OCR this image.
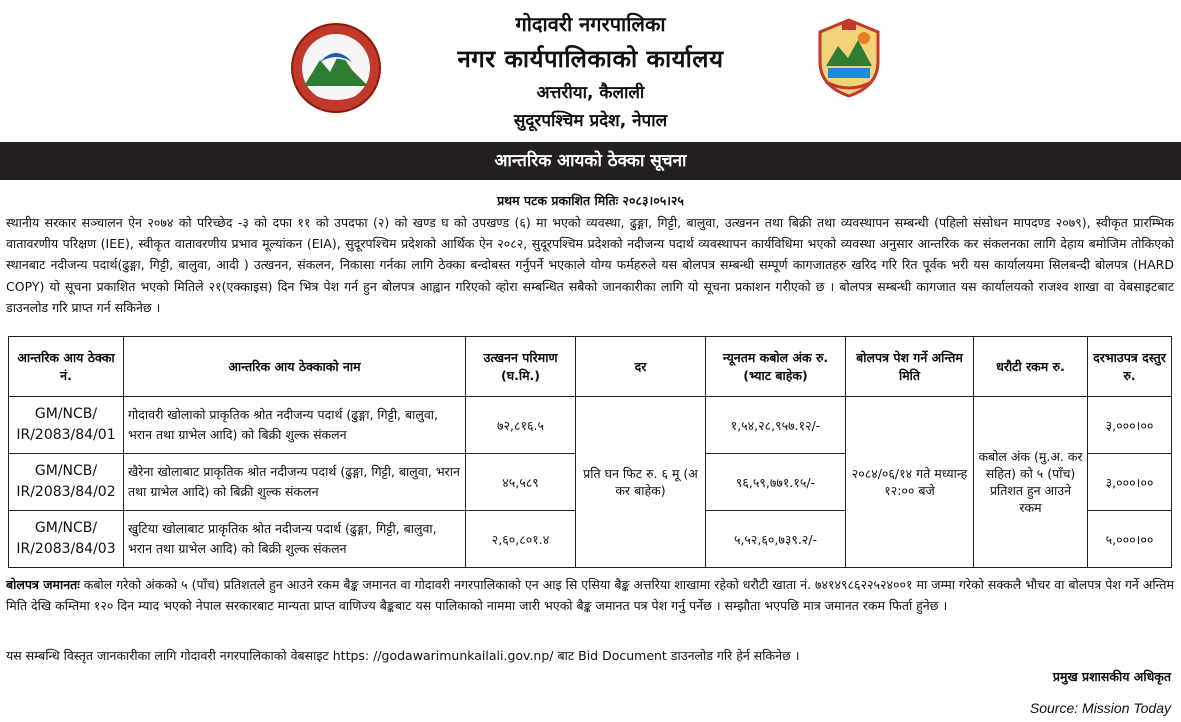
गोदावरी नगरपालिका
नगर कार्यपालिकाको कार्यालय
अत्तरीया, कैलाली
सुदूरपश्चिम प्रदेश, नेपाल
आन्तरिक आयको ठेक्का सूचना
प्रथम पटक प्रकाशित मितिः २०८३।०५।२५
स्थानीय सरकार सञ्चालन ऐन २०७४ को परिच्छेद -३ को दफा ११ को उपदफा (२) को खण्ड घ को उपखण्ड (६) मा भएको व्यवस्था, ढुङ्गा, गिट्टी, बालुवा, उत्खनन तथा बिक्री तथा व्यवस्थापन सम्बन्धी (पहिलो संसोधन मापदण्ड २०७९), स्वीकृत प्रारम्भिक वातावरणीय परिक्षण (IEE), स्वीकृत वातावरणीय प्रभाव मूल्यांकन (EIA), सुदूरपश्चिम प्रदेशको आर्थिक ऐन २०८२, सुदूरपश्चिम प्रदेशको नदीजन्य पदार्थ व्यवस्थापन कार्यविधिमा भएको व्यवस्था अनुसार आन्तरिक कर संकलनका लागि देहाय बमोजिम तोकिएको स्थानबाट नदीजन्य पदार्थ(ढुङ्गा, गिट्टी, बालुवा, आदी ) उत्खनन, संकलन, निकासा गर्नका लागि ठेक्का बन्दोबस्त गर्नुपर्ने भएकाले योग्य फर्महरुले यस बोलपत्र सम्बन्धी सम्पूर्ण कागजातहरु खरिद गरि रित पूर्वक भरी यस कार्यालयमा सिलबन्दी बोलपत्र (HARD COPY) यो सूचना प्रकाशित भएको मितिले २१(एक्काइस) दिन भित्र पेश गर्न हुन बोलपत्र आह्वान गरिएको व्होरा सम्बन्धित सबैको जानकारीका लागि यो सूचना प्रकाशन गरीएको छ । बोलपत्र सम्बन्धी कागजात यस कार्यालयको राजश्व शाखा वा वेबसाइटबाट डाउनलोड गरि प्राप्त गर्न सकिनेछ ।
आन्तरिक आय ठेक्का नं.	आन्तरिक आय ठेक्काको नाम	उत्खनन परिमाण (घ.मि.)	दर	न्यूनतम कबोल अंक रु. (भ्याट बाहेक)	बोलपत्र पेश गर्ने अन्तिम मिति	धरौटी रकम रु.	दरभाउपत्र दस्तुर रु.
GM/NCB/ IR/2083/84/01	गोदावरी खोलाको प्राकृतिक श्रोत नदीजन्य पदार्थ (ढुङ्गा, गिट्टी, बालुवा, भरान तथा ग्राभेल आदि) को बिक्री शुल्क संकलन	७२,८१६.५	प्रति घन फिट रु. ६ मू (अ कर बाहेक)	१,५४,२८,९५७.१२/-	२०८४/०६/१४ गते मध्यान्ह १२:०० बजे	कबोल अंक (मु.अ. कर सहित) को ५ (पाँच) प्रतिशत हुन आउने रकम	३,०००।००
GM/NCB/ IR/2083/84/02	खैरेना खोलाबाट प्राकृतिक श्रोत नदीजन्य पदार्थ (ढुङ्गा, गिट्टी, बालुवा, भरान तथा ग्राभेल आदि) को बिक्री शुल्क संकलन	४५,५८९		९६,५९,७७१.१५/-			३,०००।००
GM/NCB/ IR/2083/84/03	खुटिया खोलाबाट प्राकृतिक श्रोत नदीजन्य पदार्थ (ढुङ्गा, गिट्टी, बालुवा, भरान तथा ग्राभेल आदि) को बिक्री शुल्क संकलन	२,६०,८०१.४		५,५२,६०,७३९.२/-			५,०००।००
बोलपत्र जमानतः कबोल गरेको अंकको ५ (पाँच) प्रतिशतले हुन आउने रकम बैङ्क जमानत वा गोदावरी नगरपालिकाको एन आइ सि एसिया बैङ्क अत्तरिया शाखामा रहेको धरौटी खाता नं. ७४१४९८६२२५२४००१ मा जम्मा गरेको सक्कलै भौचर वा बोलपत्र पेश गर्ने अन्तिम मिति देखि कम्तिमा १२० दिन म्याद भएको नेपाल सरकारबाट मान्यता प्राप्त वाणिज्य बैङ्कबाट यस पालिकाको नाममा जारी भएको बैङ्क जमानत पत्र पेश गर्नु पर्नेछ । सम्झौता भएपछि मात्र जमानत रकम फिर्ता हुनेछ ।
यस सम्बन्धि विस्तृत जानकारीका लागि गोदावरी नगरपालिकाको वेबसाइट https: //godawarimunkailali.gov.np/ बाट Bid Document डाउनलोड गरि हेर्न सकिनेछ ।
प्रमुख प्रशासकीय अधिकृत
Source: Mission Today
